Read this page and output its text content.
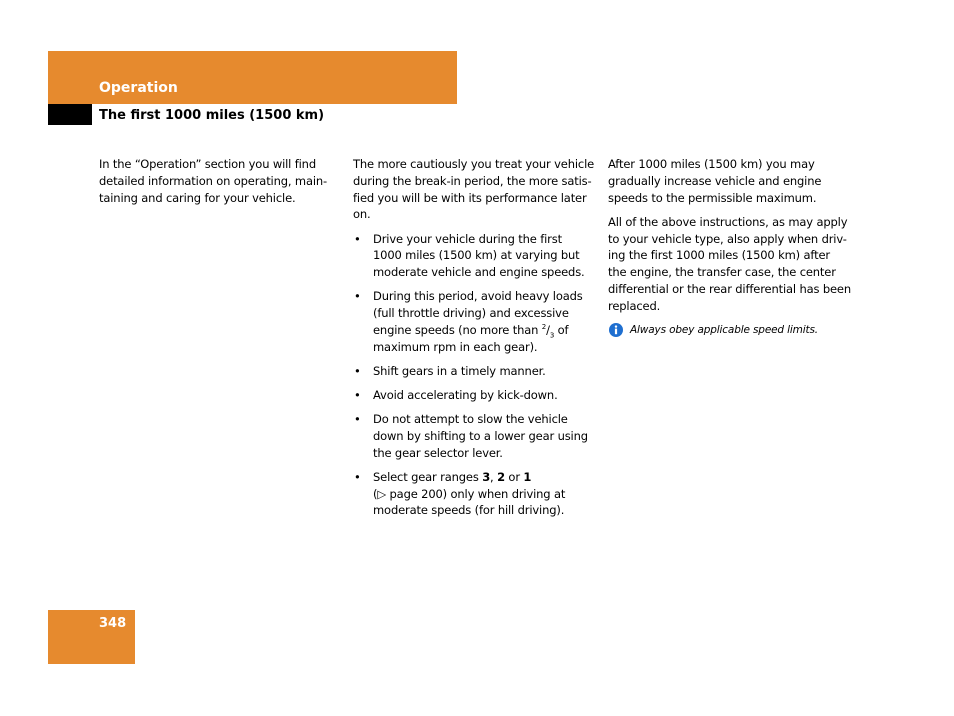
Operation
The first 1000 miles (1500 km)

In the “Operation” section you will find
detailed information on operating, main-
taining and caring for your vehicle.

The more cautiously you treat your vehicle
during the break-in period, the more satis-
fied you will be with its performance later
on.

• Drive your vehicle during the first
1000 miles (1500 km) at varying but
moderate vehicle and engine speeds.
• During this period, avoid heavy loads
(full throttle driving) and excessive
engine speeds (no more than $^2/_3$ of
maximum rpm in each gear).
• Shift gears in a timely manner.
• Avoid accelerating by kick-down.
• Do not attempt to slow the vehicle
down by shifting to a lower gear using
the gear selector lever.
• Select gear ranges 3, 2 or 1
(▷ page 200) only when driving at
moderate speeds (for hill driving).

After 1000 miles (1500 km) you may
gradually increase vehicle and engine
speeds to the permissible maximum.

All of the above instructions, as may apply
to your vehicle type, also apply when driv-
ing the first 1000 miles (1500 km) after
the engine, the transfer case, the center
differential or the rear differential has been
replaced.

Always obey applicable speed limits.
348
